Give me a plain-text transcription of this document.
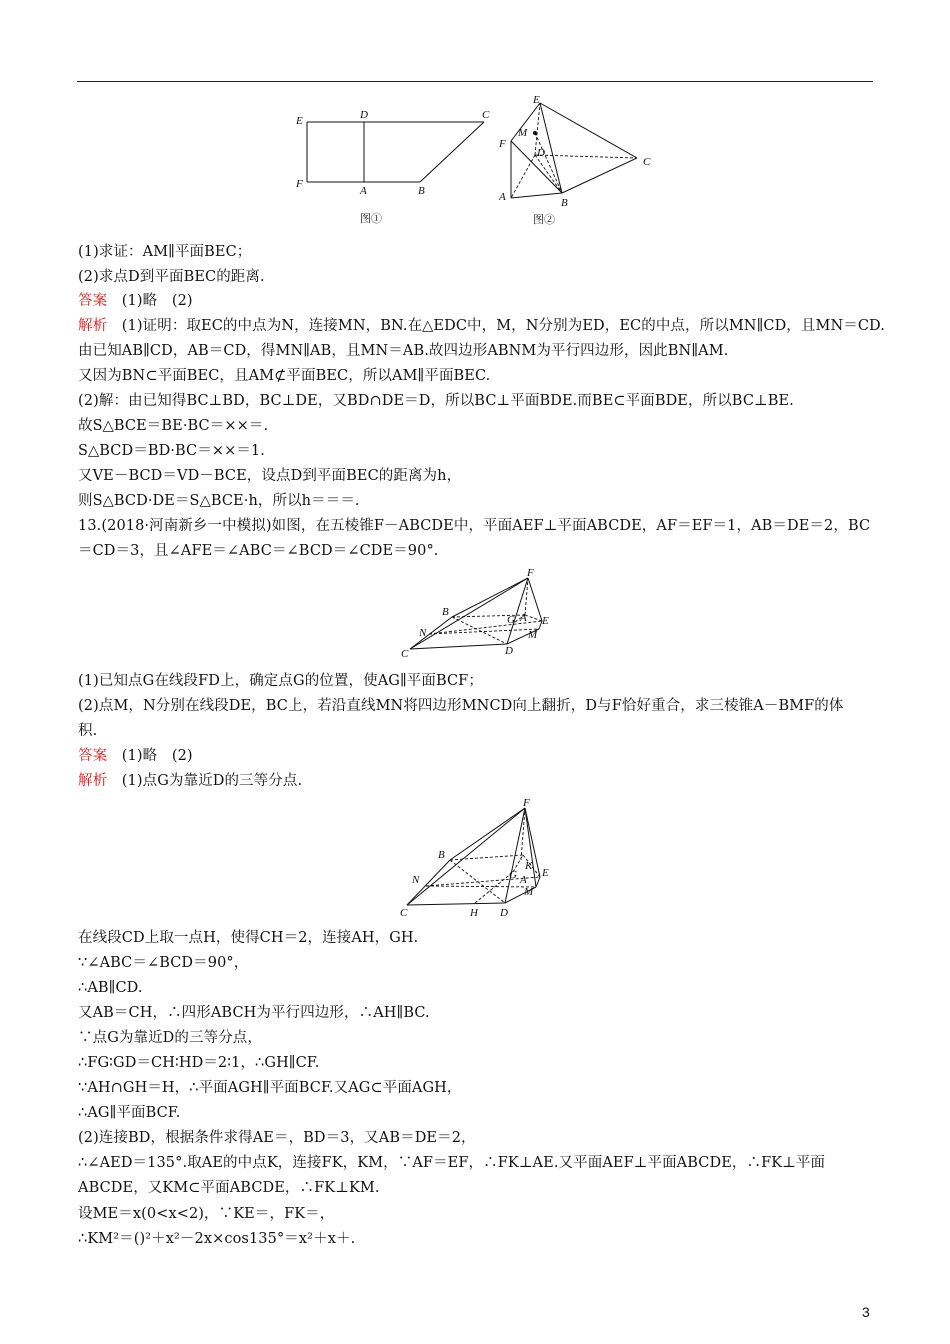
E	D	C
F
A	B
图①
E
M
F
D
C
A	B
图②
F
B
G A E
N	M
C	D
F
B
K
E
G A
N
M
C	H D
(1)求证：AM∥平面BEC；
(2)求点D到平面BEC的距离.
答案　(1)略　(2)
解析　(1)证明：取EC的中点为N，连接MN，BN.在△EDC中，M，N分别为ED，EC的中点，所以MN∥CD，且MN＝CD.
由已知AB∥CD，AB＝CD，得MN∥AB，且MN＝AB.故四边形ABNM为平行四边形，因此BN∥AM.
又因为BN⊂平面BEC，且AM⊄平面BEC，所以AM∥平面BEC.
(2)解：由已知得BC⊥BD，BC⊥DE，又BD∩DE＝D，所以BC⊥平面BDE.而BE⊂平面BDE，所以BC⊥BE.
故S△BCE＝BE·BC＝××＝.
S△BCD＝BD·BC＝××＝1.
又VE－BCD＝VD－BCE，设点D到平面BEC的距离为h，
则S△BCD·DE＝S△BCE·h，所以h＝＝＝.
13.(2018·河南新乡一中模拟)如图，在五棱锥F－ABCDE中，平面AEF⊥平面ABCDE，AF＝EF＝1，AB＝DE＝2，BC
＝CD＝3，且∠AFE＝∠ABC＝∠BCD＝∠CDE＝90°.
(1)已知点G在线段FD上，确定点G的位置，使AG∥平面BCF；
(2)点M，N分别在线段DE，BC上，若沿直线MN将四边形MNCD向上翻折，D与F恰好重合，求三棱锥A－BMF的体
积.
答案　(1)略　(2)
解析　(1)点G为靠近D的三等分点.
在线段CD上取一点H，使得CH＝2，连接AH，GH.
∵∠ABC＝∠BCD＝90°，
∴AB∥CD.
又AB＝CH，∴四形ABCH为平行四边形，∴AH∥BC.
∵点G为靠近D的三等分点，
∴FG∶GD＝CH∶HD＝2∶1，∴GH∥CF.
∵AH∩GH＝H，∴平面AGH∥平面BCF.又AG⊂平面AGH，
∴AG∥平面BCF.
(2)连接BD，根据条件求得AE＝，BD＝3，又AB＝DE＝2，
∴∠AED＝135°.取AE的中点K，连接FK，KM，∵AF＝EF，∴FK⊥AE.又平面AEF⊥平面ABCDE，∴FK⊥平面
ABCDE，又KM⊂平面ABCDE，∴FK⊥KM.
设ME＝x(0<x<2)，∵KE＝，FK＝，
∴KM²＝()²＋x²－2x×cos135°＝x²＋x＋.
3
